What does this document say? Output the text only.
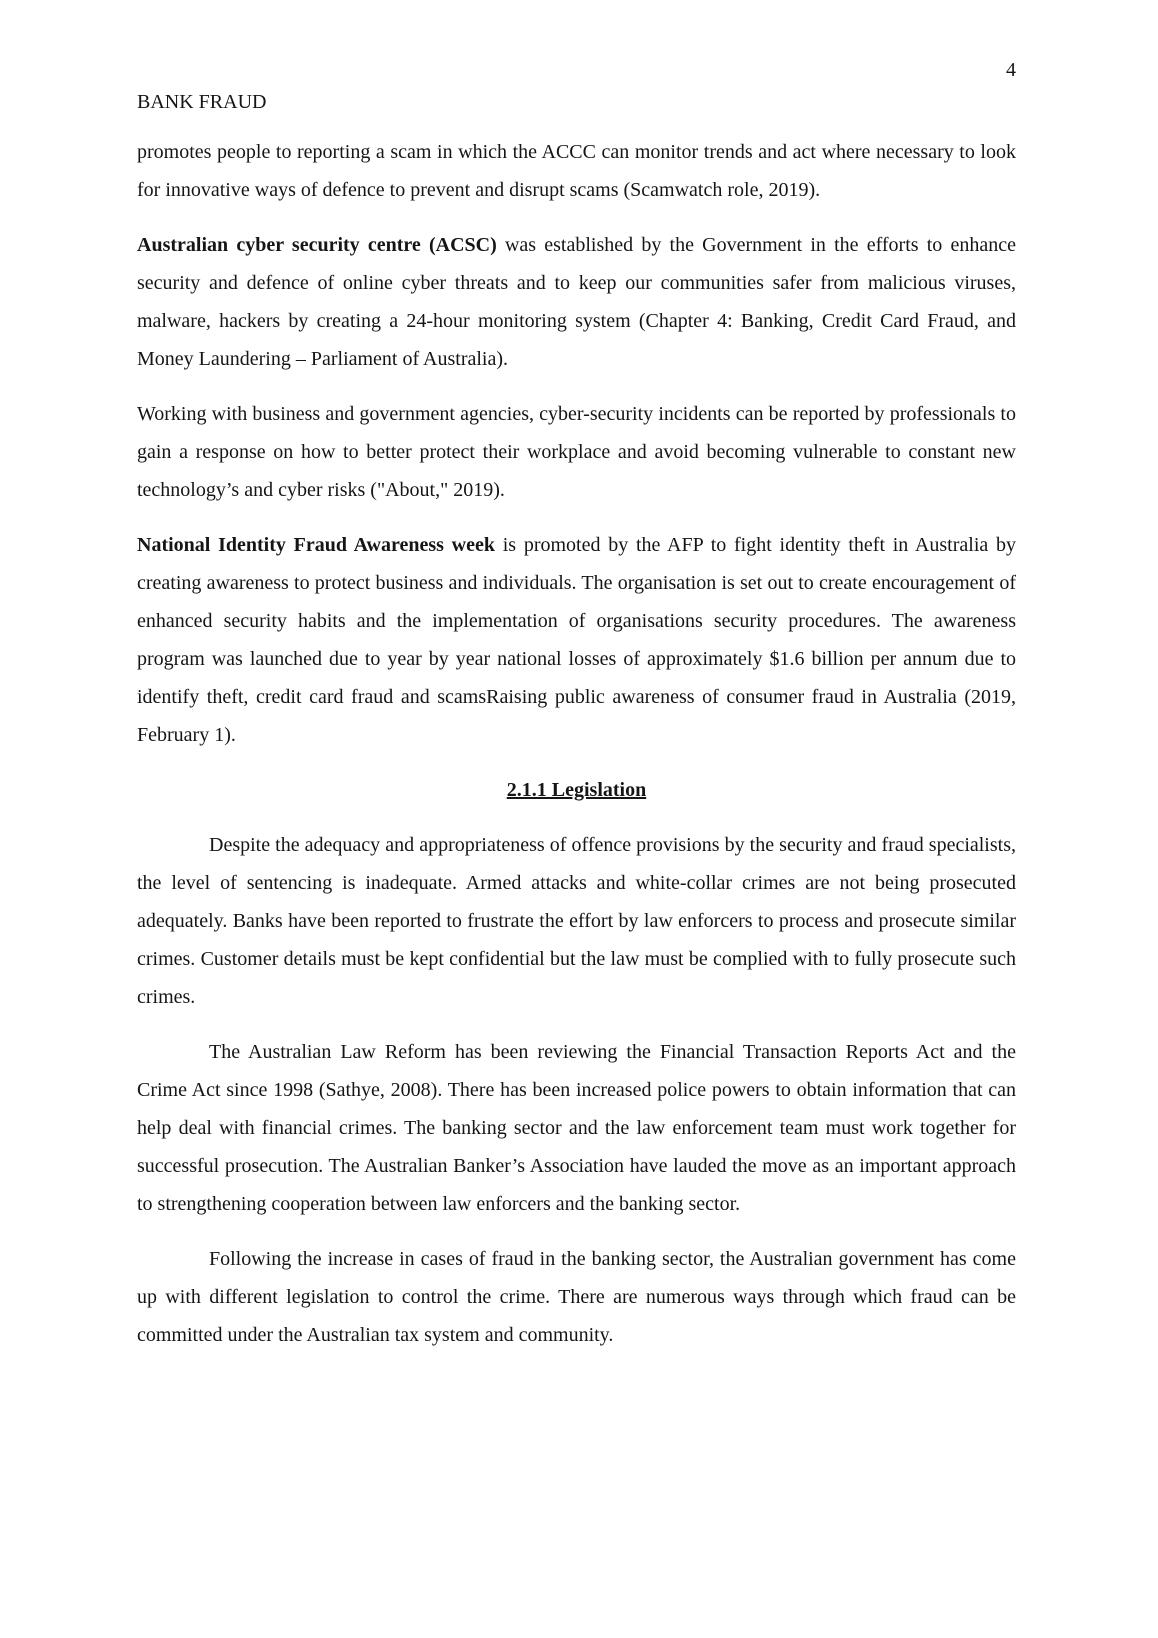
4
BANK FRAUD

promotes people to reporting a scam in which the ACCC can monitor trends and act where necessary to look for innovative ways of defence to prevent and disrupt scams (Scamwatch role, 2019).

Australian cyber security centre (ACSC) was established by the Government in the efforts to enhance security and defence of online cyber threats and to keep our communities safer from malicious viruses, malware, hackers by creating a 24-hour monitoring system (Chapter 4: Banking, Credit Card Fraud, and Money Laundering – Parliament of Australia).

Working with business and government agencies, cyber-security incidents can be reported by professionals to gain a response on how to better protect their workplace and avoid becoming vulnerable to constant new technology’s and cyber risks ("About," 2019).

National Identity Fraud Awareness week is promoted by the AFP to fight identity theft in Australia by creating awareness to protect business and individuals. The organisation is set out to create encouragement of enhanced security habits and the implementation of organisations security procedures. The awareness program was launched due to year by year national losses of approximately $1.6 billion per annum due to identify theft, credit card fraud and scamsRaising public awareness of consumer fraud in Australia (2019, February 1).

2.1.1 Legislation

Despite the adequacy and appropriateness of offence provisions by the security and fraud specialists, the level of sentencing is inadequate. Armed attacks and white-collar crimes are not being prosecuted adequately. Banks have been reported to frustrate the effort by law enforcers to process and prosecute similar crimes. Customer details must be kept confidential but the law must be complied with to fully prosecute such crimes.

The Australian Law Reform has been reviewing the Financial Transaction Reports Act and the Crime Act since 1998 (Sathye, 2008). There has been increased police powers to obtain information that can help deal with financial crimes. The banking sector and the law enforcement team must work together for successful prosecution. The Australian Banker’s Association have lauded the move as an important approach to strengthening cooperation between law enforcers and the banking sector.

Following the increase in cases of fraud in the banking sector, the Australian government has come up with different legislation to control the crime. There are numerous ways through which fraud can be committed under the Australian tax system and community.
